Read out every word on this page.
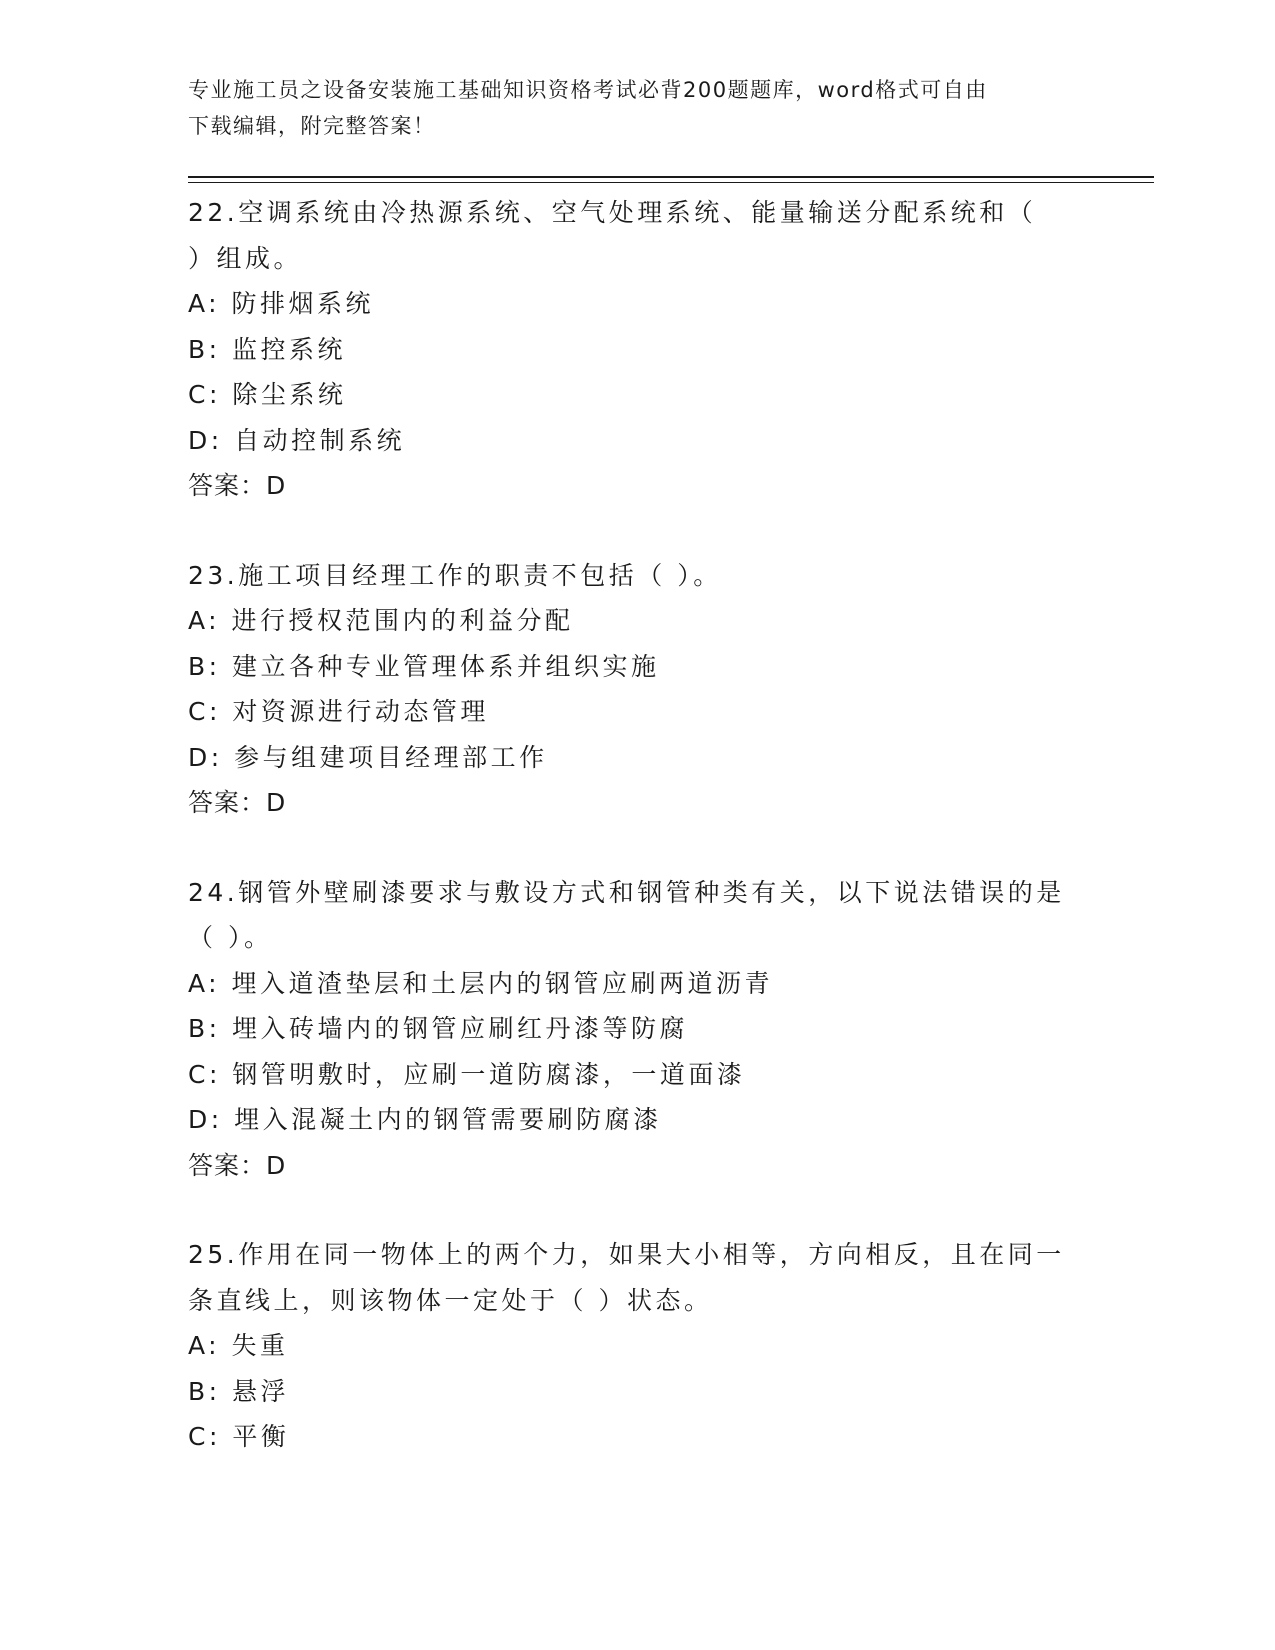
专业施工员之设备安装施工基础知识资格考试必背200题题库，word格式可自由
下载编辑，附完整答案！
22.空调系统由冷热源系统、空气处理系统、能量输送分配系统和（
）组成。
A: 防排烟系统
B: 监控系统
C: 除尘系统
D: 自动控制系统
答案：D
23.施工项目经理工作的职责不包括（ ）。
A: 进行授权范围内的利益分配
B: 建立各种专业管理体系并组织实施
C: 对资源进行动态管理
D: 参与组建项目经理部工作
答案：D
24.钢管外壁刷漆要求与敷设方式和钢管种类有关，以下说法错误的是
（ ）。
A: 埋入道渣垫层和土层内的钢管应刷两道沥青
B: 埋入砖墙内的钢管应刷红丹漆等防腐
C: 钢管明敷时，应刷一道防腐漆，一道面漆
D: 埋入混凝土内的钢管需要刷防腐漆
答案：D
25.作用在同一物体上的两个力，如果大小相等，方向相反，且在同一
条直线上，则该物体一定处于（ ）状态。
A: 失重
B: 悬浮
C: 平衡
